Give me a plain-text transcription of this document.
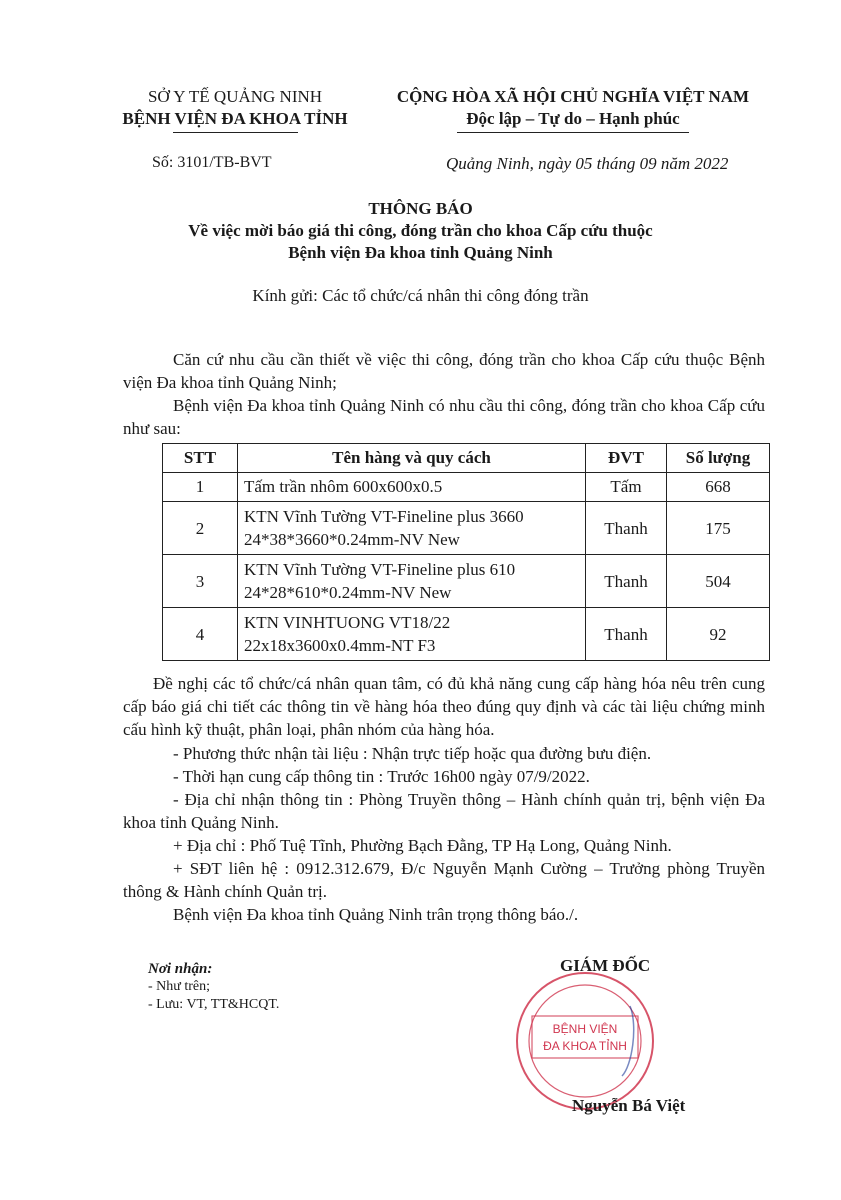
SỞ Y TẾ QUẢNG NINH
BỆNH VIỆN ĐA KHOA TỈNH
CỘNG HÒA XÃ HỘI CHỦ NGHĨA VIỆT NAM
Độc lập – Tự do – Hạnh phúc
Số: 3101/TB-BVT	Quảng Ninh, ngày 05 tháng 09 năm 2022
THÔNG BÁO
Về việc mời báo giá thi công, đóng trần cho khoa Cấp cứu thuộc
Bệnh viện Đa khoa tỉnh Quảng Ninh
Kính gửi: Các tổ chức/cá nhân thi công đóng trần
Căn cứ nhu cầu cần thiết về việc thi công, đóng trần cho khoa Cấp cứu thuộc Bệnh viện Đa khoa tỉnh Quảng Ninh;
Bệnh viện Đa khoa tỉnh Quảng Ninh có nhu cầu thi công, đóng trần cho khoa Cấp cứu như sau:
STT	Tên hàng và quy cách	ĐVT	Số lượng
1	Tấm trần nhôm 600x600x0.5	Tấm	668
2	KTN Vĩnh Tường VT-Fineline plus 3660
24*38*3660*0.24mm-NV New	Thanh	175
3	KTN Vĩnh Tường VT-Fineline plus 610
24*28*610*0.24mm-NV New	Thanh	504
4	KTN VINHTUONG VT18/22
22x18x3600x0.4mm-NT F3	Thanh	92
Đề nghị các tổ chức/cá nhân quan tâm, có đủ khả năng cung cấp hàng hóa nêu trên cung cấp báo giá chi tiết các thông tin về hàng hóa theo đúng quy định và các tài liệu chứng minh cấu hình kỹ thuật, phân loại, phân nhóm của hàng hóa.
- Phương thức nhận tài liệu : Nhận trực tiếp hoặc qua đường bưu điện.
- Thời hạn cung cấp thông tin : Trước 16h00 ngày 07/9/2022.
- Địa chỉ nhận thông tin : Phòng Truyền thông – Hành chính quản trị, bệnh viện Đa khoa tỉnh Quảng Ninh.
+ Địa chỉ : Phố Tuệ Tĩnh, Phường Bạch Đằng, TP Hạ Long, Quảng Ninh.
+ SĐT liên hệ : 0912.312.679, Đ/c Nguyễn Mạnh Cường – Trưởng phòng Truyền thông & Hành chính Quản trị.
Bệnh viện Đa khoa tỉnh Quảng Ninh trân trọng thông báo./.
Nơi nhận:
- Như trên;
- Lưu: VT, TT&HCQT.
BỆNH VIỆN
ĐA KHOA TỈNH
GIÁM ĐỐC
Nguyễn Bá Việt
